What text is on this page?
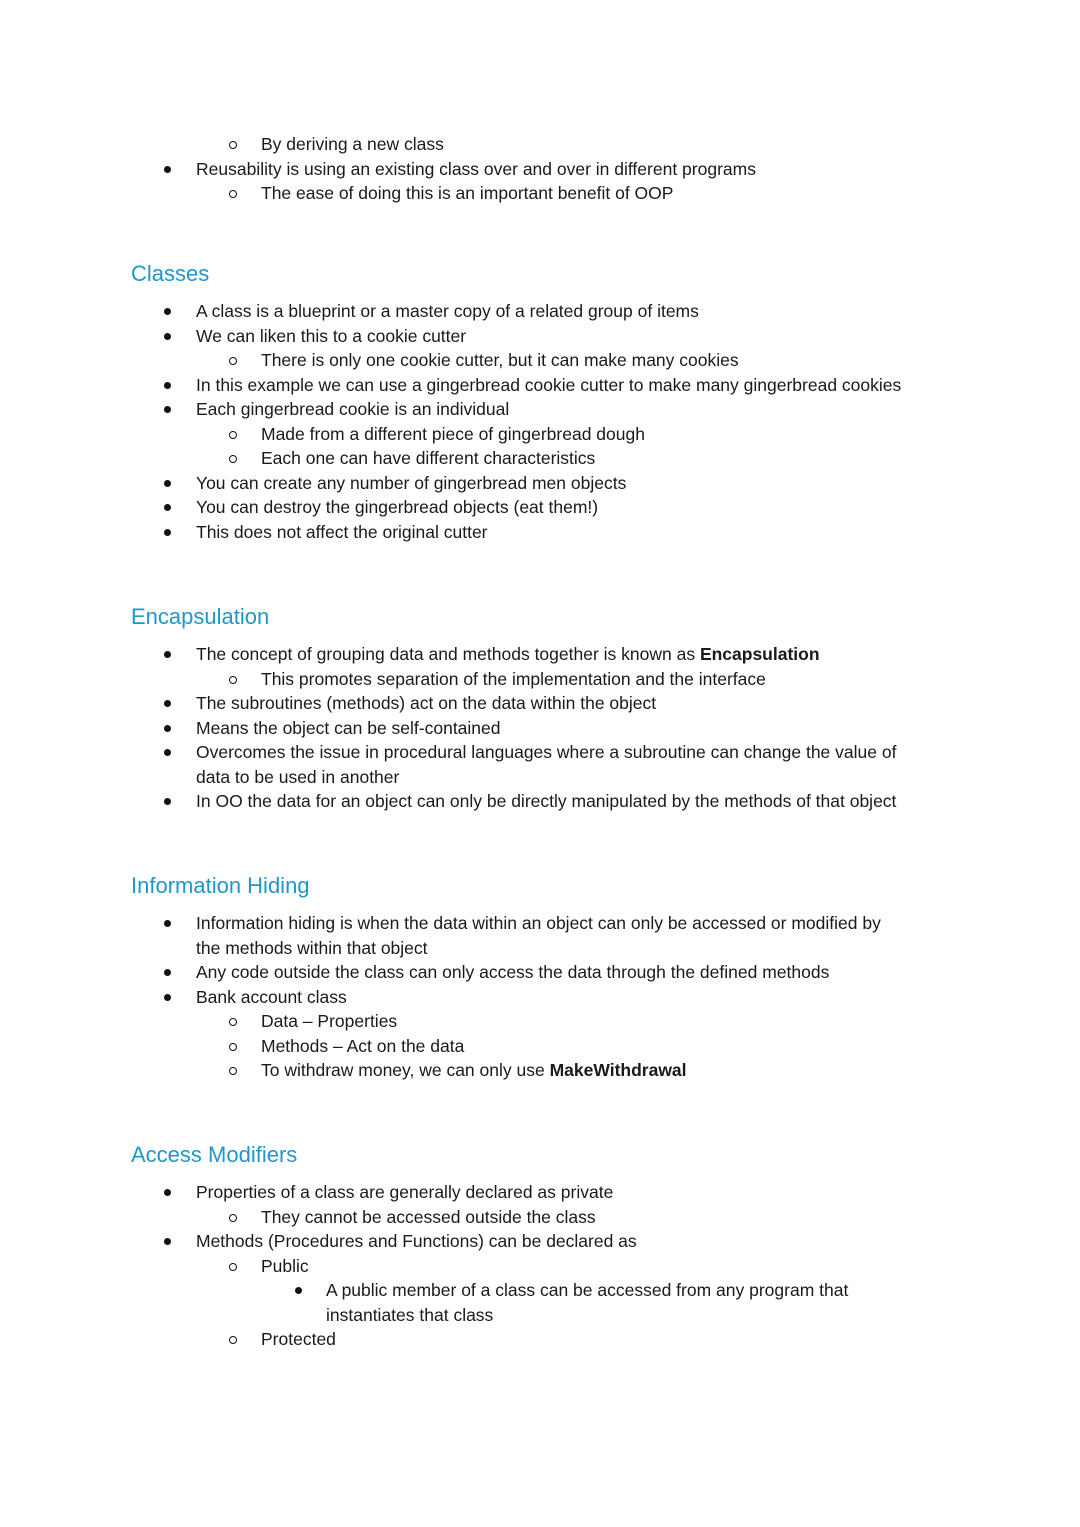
By deriving a new class
Reusability is using an existing class over and over in different programs
The ease of doing this is an important benefit of OOP
Classes
A class is a blueprint or a master copy of a related group of items
We can liken this to a cookie cutter
There is only one cookie cutter, but it can make many cookies
In this example we can use a gingerbread cookie cutter to make many gingerbread cookies
Each gingerbread cookie is an individual
Made from a different piece of gingerbread dough
Each one can have different characteristics
You can create any number of gingerbread men objects
You can destroy the gingerbread objects (eat them!)
This does not affect the original cutter
Encapsulation
The concept of grouping data and methods together is known as Encapsulation
This promotes separation of the implementation and the interface
The subroutines (methods) act on the data within the object
Means the object can be self-contained
Overcomes the issue in procedural languages where a subroutine can change the value of
data to be used in another
In OO the data for an object can only be directly manipulated by the methods of that object
Information Hiding
Information hiding is when the data within an object can only be accessed or modified by
the methods within that object
Any code outside the class can only access the data through the defined methods
Bank account class
Data – Properties
Methods – Act on the data
To withdraw money, we can only use MakeWithdrawal
Access Modifiers
Properties of a class are generally declared as private
They cannot be accessed outside the class
Methods (Procedures and Functions) can be declared as
Public
A public member of a class can be accessed from any program that
instantiates that class
Protected
